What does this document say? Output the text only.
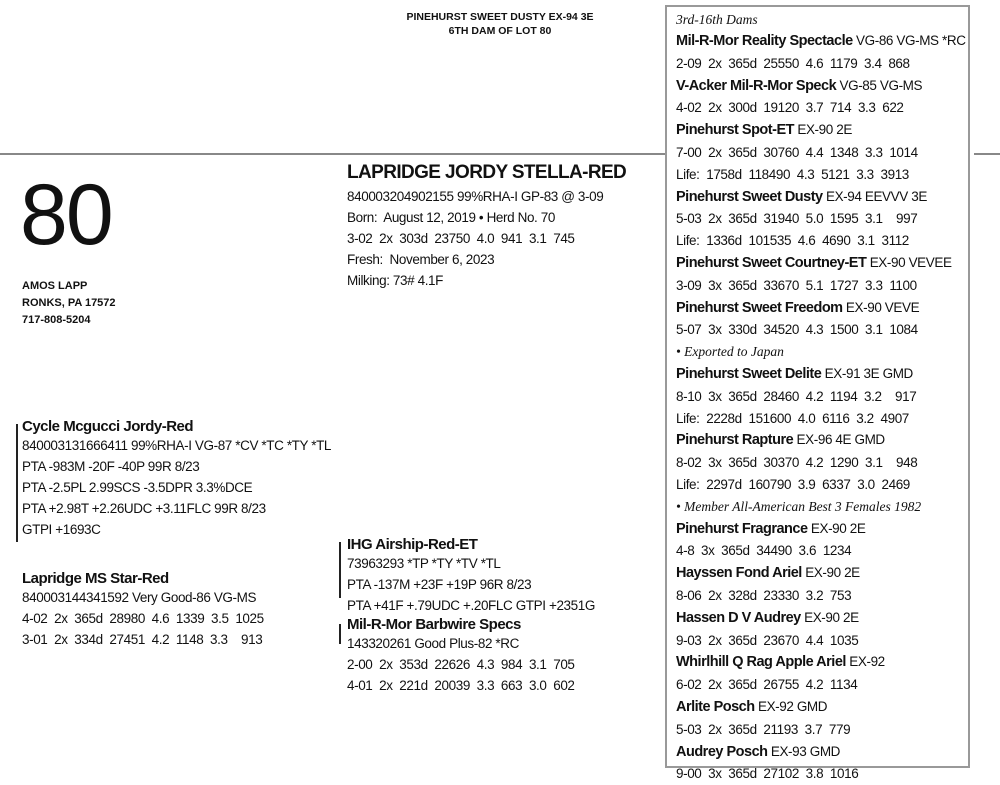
PINEHURST SWEET DUSTY EX-94 3E
6TH DAM OF LOT 80
80
AMOS LAPP
RONKS, PA 17572
717-808-5204
LAPRIDGE JORDY STELLA-RED
840003204902155 99%RHA-I GP-83 @ 3-09
Born:  August 12, 2019 • Herd No. 70
3-02  2x  303d  23750  4.0  941  3.1  745
Fresh:  November 6, 2023
Milking: 73# 4.1F
Cycle Mcgucci Jordy-Red
840003131666411 99%RHA-I VG-87 *CV *TC *TY *TL
PTA -983M -20F -40P 99R 8/23
PTA -2.5PL 2.99SCS -3.5DPR 3.3%DCE
PTA +2.98T +2.26UDC +3.11FLC 99R 8/23
GTPI +1693C
Lapridge MS Star-Red
840003144341592 Very Good-86 VG-MS
4-02  2x  365d  28980  4.6  1339  3.5  1025
3-01  2x  334d  27451  4.2  1148  3.3    913
IHG Airship-Red-ET
73963293 *TP *TY *TV *TL
PTA -137M +23F +19P 96R 8/23
PTA +41F +.79UDC +.20FLC GTPI +2351G
Mil-R-Mor Barbwire Specs
143320261 Good Plus-82 *RC
2-00  2x  353d  22626  4.3  984  3.1  705
4-01  2x  221d  20039  3.3  663  3.0  602
3rd-16th Dams
Mil-R-Mor Reality Spectacle VG-86 VG-MS *RC
2-09  2x  365d  25550  4.6  1179  3.4  868
V-Acker Mil-R-Mor Speck VG-85 VG-MS
4-02  2x  300d  19120  3.7  714  3.3  622
Pinehurst Spot-ET EX-90 2E
7-00  2x  365d  30760  4.4  1348  3.3  1014
Life:  1758d  118490  4.3  5121  3.3  3913
Pinehurst Sweet Dusty EX-94 EEVVV 3E
5-03  2x  365d  31940  5.0  1595  3.1    997
Life:  1336d  101535  4.6  4690  3.1  3112
Pinehurst Sweet Courtney-ET EX-90 VEVEE
3-09  3x  365d  33670  5.1  1727  3.3  1100
Pinehurst Sweet Freedom EX-90 VEVE
5-07  3x  330d  34520  4.3  1500  3.1  1084
• Exported to Japan
Pinehurst Sweet Delite EX-91 3E GMD
8-10  3x  365d  28460  4.2  1194  3.2    917
Life:  2228d  151600  4.0  6116  3.2  4907
Pinehurst Rapture EX-96 4E GMD
8-02  3x  365d  30370  4.2  1290  3.1    948
Life:  2297d  160790  3.9  6337  3.0  2469
• Member All-American Best 3 Females 1982
Pinehurst Fragrance EX-90 2E
4-8  3x  365d  34490  3.6  1234
Hayssen Fond Ariel EX-90 2E
8-06  2x  328d  23330  3.2  753
Hassen D V Audrey EX-90 2E
9-03  2x  365d  23670  4.4  1035
Whirlhill Q Rag Apple Ariel EX-92
6-02  2x  365d  26755  4.2  1134
Arlite Posch EX-92 GMD
5-03  2x  365d  21193  3.7  779
Audrey Posch EX-93 GMD
9-00  3x  365d  27102  3.8  1016
